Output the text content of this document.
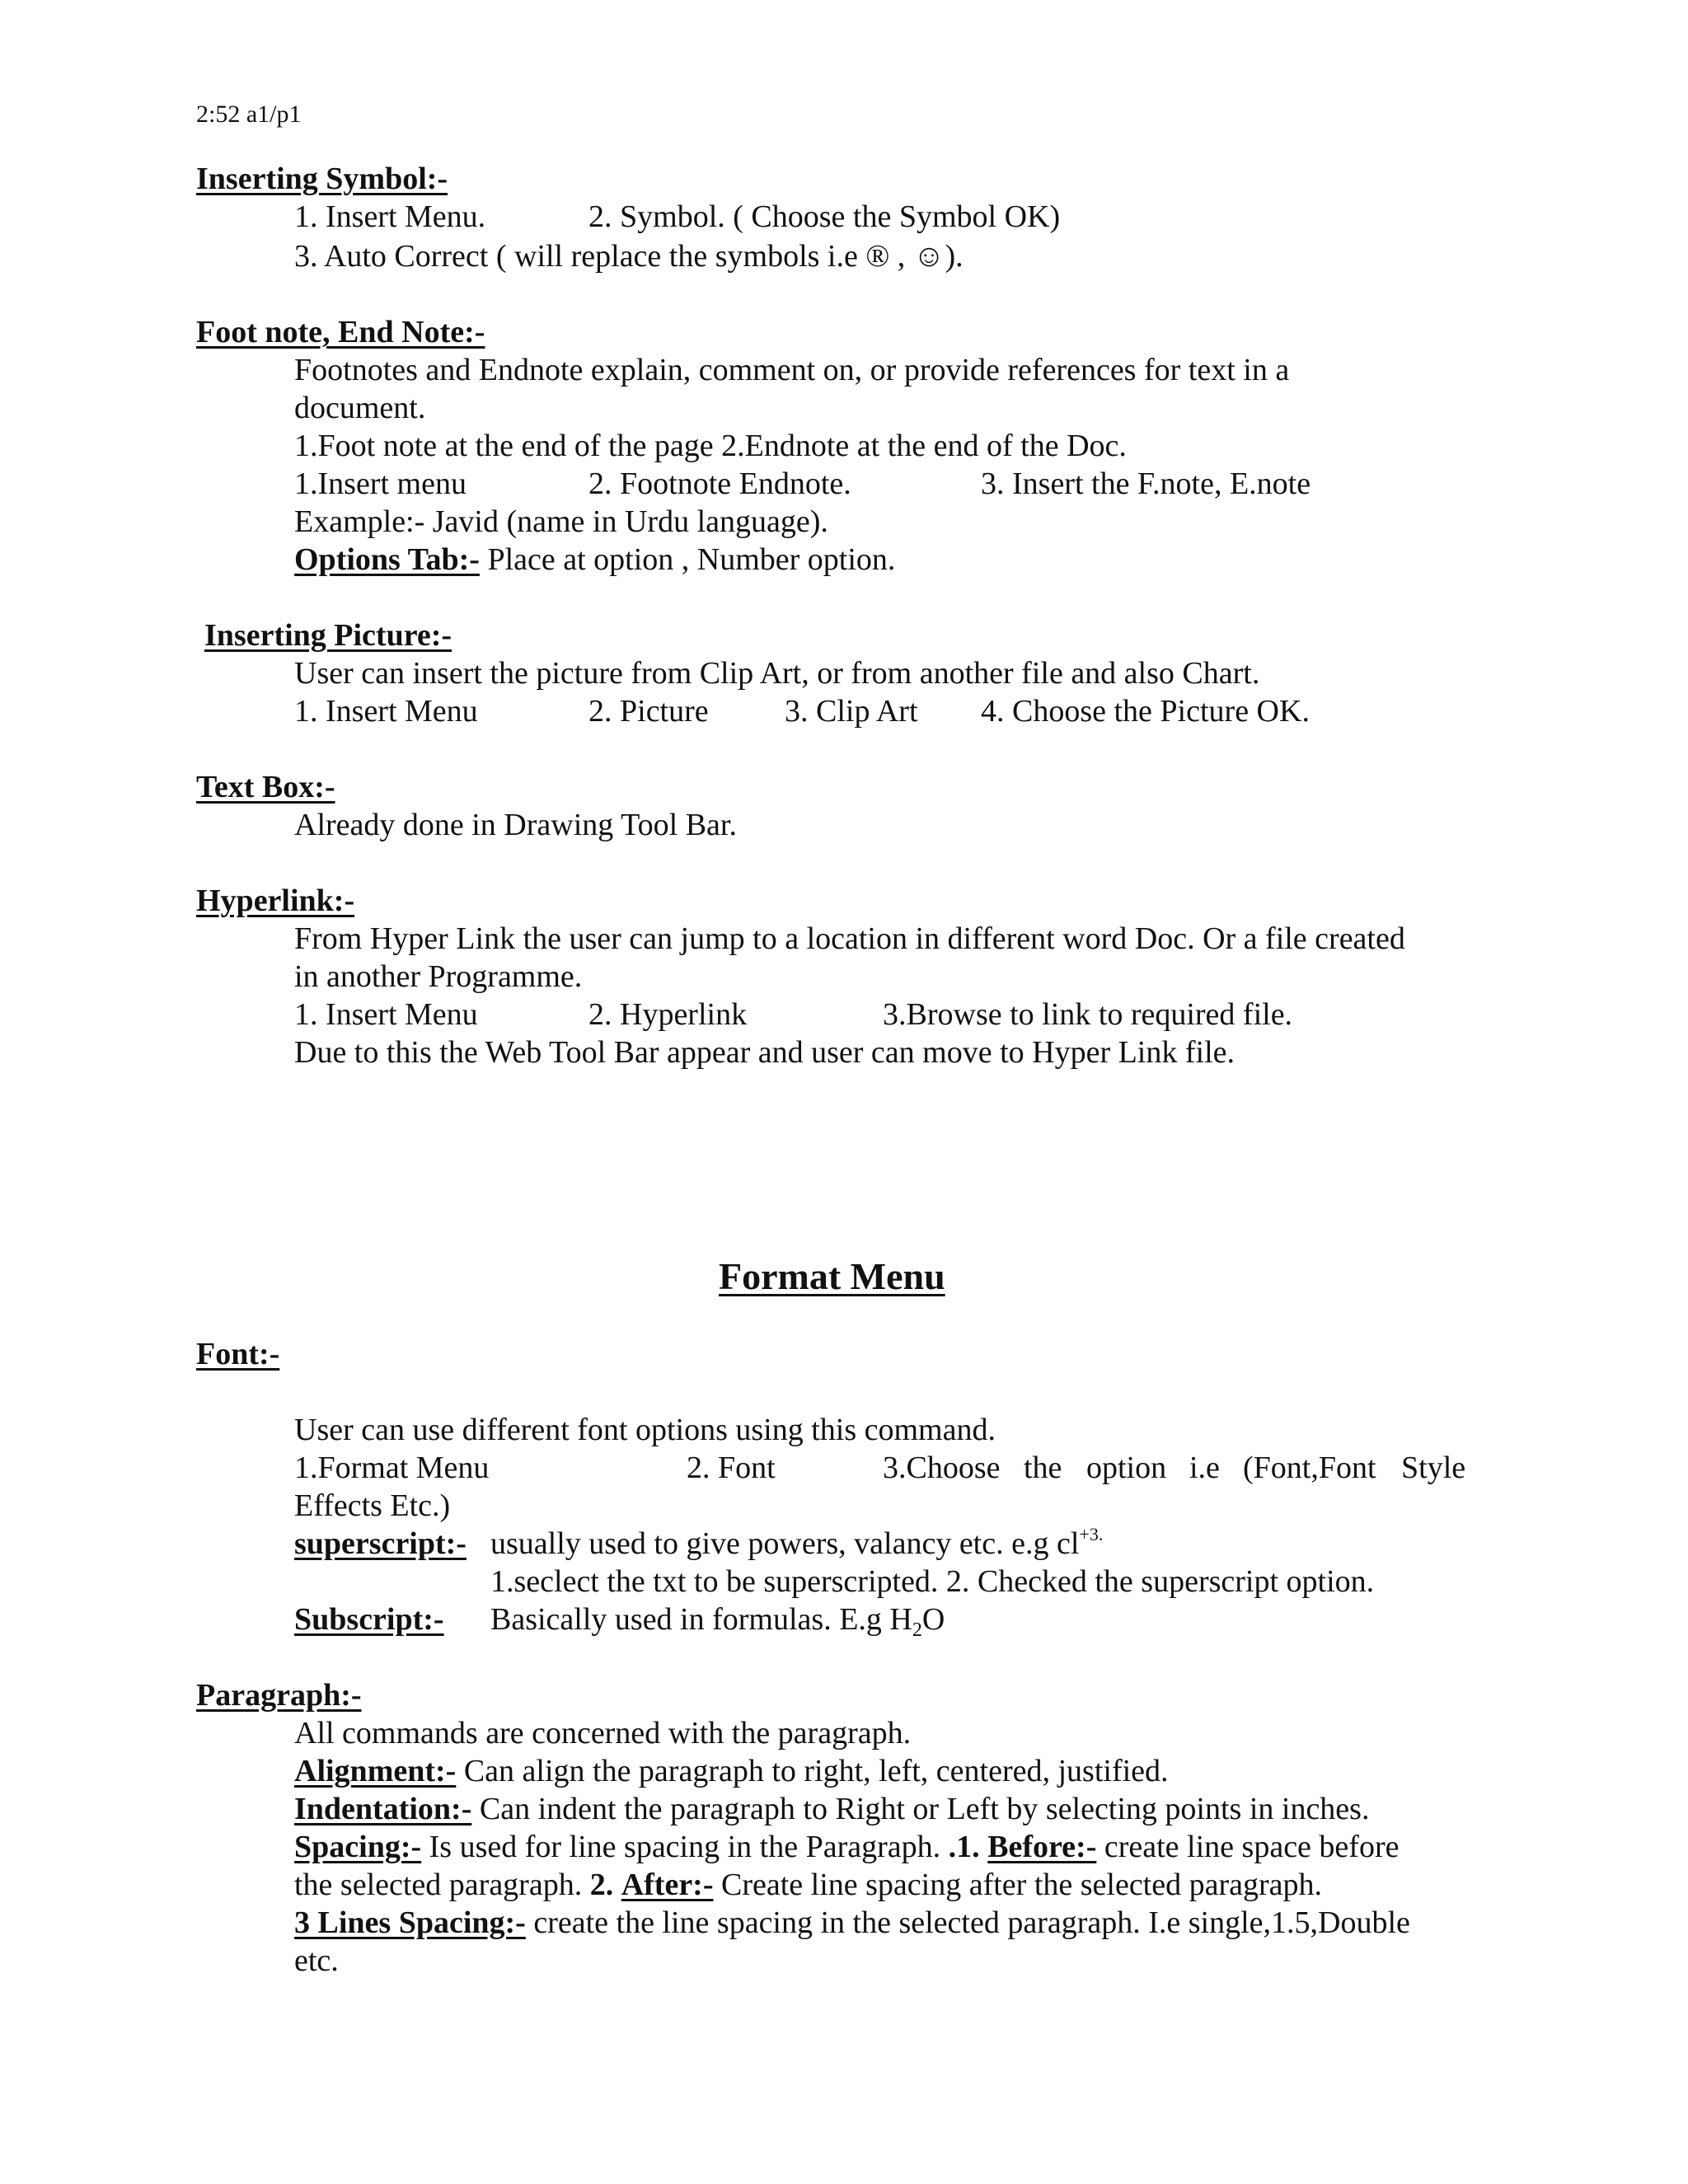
2:52 a1/p1
Inserting Symbol:-
1. Insert Menu.	2. Symbol. ( Choose the Symbol OK)
3. Auto Correct ( will replace the symbols i.e ® , ☺).
Foot note, End Note:-
Footnotes and Endnote explain, comment on, or provide references for text in a
document.
1.Foot note at the end of the page 2.Endnote at the end of the Doc.
1.Insert menu	2. Footnote Endnote.	3. Insert the F.note, E.note
Example:- Javid (name in Urdu language).
Options Tab:- Place at option , Number option.
Inserting Picture:-
User can insert the picture from Clip Art, or from another file and also Chart.
1. Insert Menu	2. Picture 3. Clip Art 4. Choose the Picture OK.
Text Box:-
Already done in Drawing Tool Bar.
Hyperlink:-
From Hyper Link the user can jump to a location in different word Doc. Or a file created
in another Programme.
1. Insert Menu	2. Hyperlink	3.Browse to link to required file.
Due to this the Web Tool Bar appear and user can move to Hyper Link file.
Format Menu
Font:-
User can use different font options using this command.
1.Format Menu	2. Font	3.Choose the option i.e (Font,Font Style
Effects Etc.)
superscript:- usually used to give powers, valancy etc. e.g $cl^{+3.}$
1.seclect the txt to be superscripted. 2. Checked the superscript option.
Subscript:- Basically used in formulas. E.g $H_2O$
Paragraph:-
All commands are concerned with the paragraph.
Alignment:- Can align the paragraph to right, left, centered, justified.
Indentation:- Can indent the paragraph to Right or Left by selecting points in inches.
Spacing:- Is used for line spacing in the Paragraph. .1. Before:- create line space before
the selected paragraph. 2. After:- Create line spacing after the selected paragraph.
3 Lines Spacing:- create the line spacing in the selected paragraph. I.e single,1.5,Double
etc.
